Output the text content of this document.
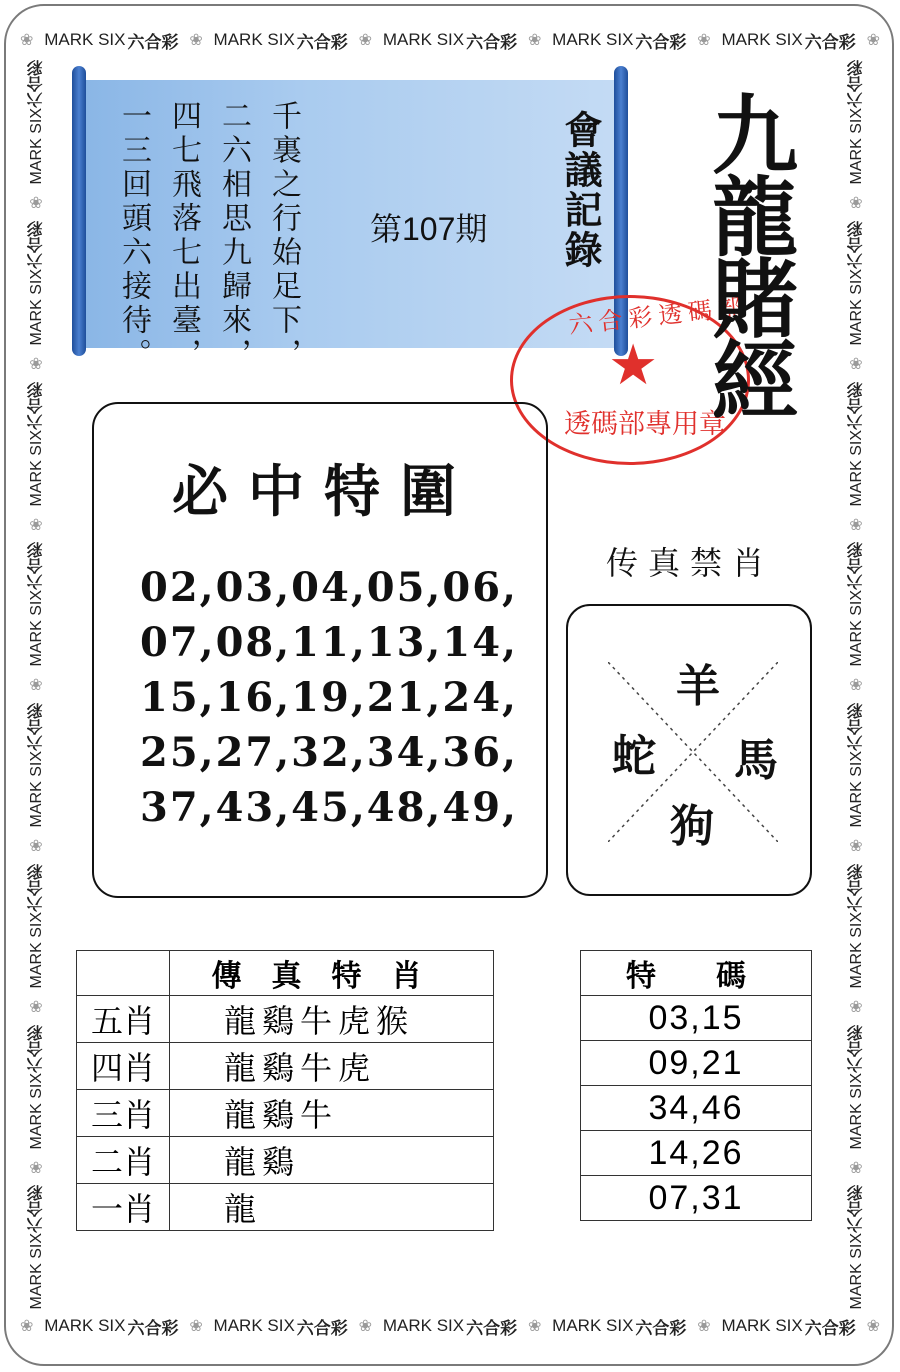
❀ MARK SIX 六合彩 ❀ MARK SIX 六合彩 ❀ MARK SIX 六合彩 ❀ MARK SIX 六合彩 ❀ MARK SIX 六合彩 ❀
❀ MARK SIX 六合彩 ❀ MARK SIX 六合彩 ❀ MARK SIX 六合彩 ❀ MARK SIX 六合彩 ❀ MARK SIX 六合彩 ❀
MARK SIX六合彩
❀
MARK SIX六合彩
❀
MARK SIX六合彩
❀
MARK SIX六合彩
❀
MARK SIX六合彩
❀
MARK SIX六合彩
❀
MARK SIX六合彩
❀
MARK SIX六合彩
MARK SIX六合彩
❀
MARK SIX六合彩
❀
MARK SIX六合彩
❀
MARK SIX六合彩
❀
MARK SIX六合彩
❀
MARK SIX六合彩
❀
MARK SIX六合彩
❀
MARK SIX六合彩
千裏之行始足下，
二六相思九歸來，
四七飛落七出臺，
一三回頭六接待。	第107期 會議記錄
六合彩透碼部
★
透碼部專用章
九龍賭經
必中特圍
02,03,04,05,06,
07,08,11,13,14,
15,16,19,21,24,
25,27,32,34,36,
37,43,45,48,49,
传真禁肖
羊
蛇 馬
狗
	傳真特肖
五肖	龍鷄牛虎猴
四肖	龍鷄牛虎
三肖	龍鷄牛
二肖	龍鷄
一肖	龍
特碼
03,15
09,21
34,46
14,26
07,31
